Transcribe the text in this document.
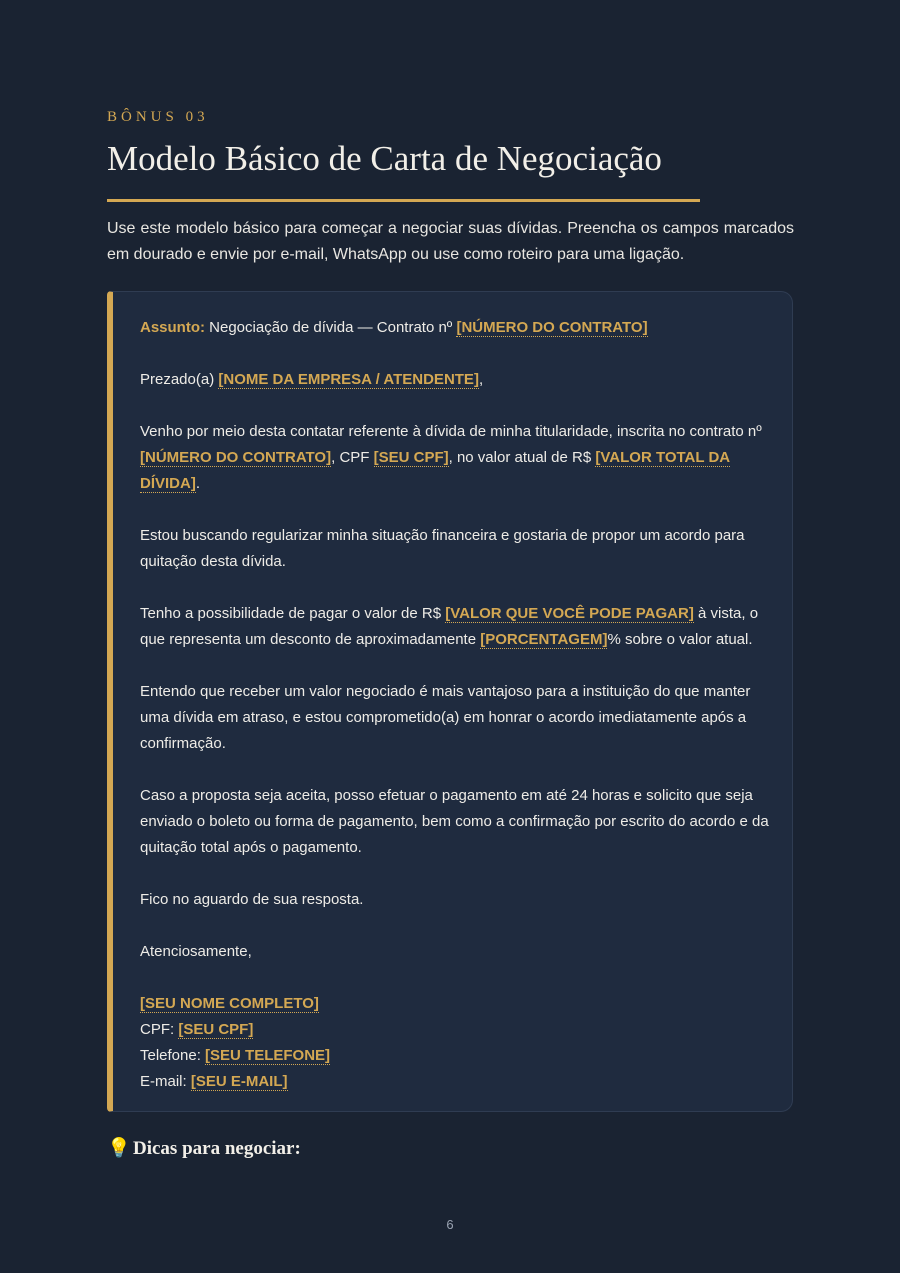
BÔNUS 03
Modelo Básico de Carta de Negociação

Use este modelo básico para começar a negociar suas dívidas. Preencha os campos marcados em dourado e envie por e-mail, WhatsApp ou use como roteiro para uma ligação.

Assunto: Negociação de dívida — Contrato nº [NÚMERO DO CONTRATO]

Prezado(a) [NOME DA EMPRESA / ATENDENTE],

Venho por meio desta contatar referente à dívida de minha titularidade, inscrita no contrato nº [NÚMERO DO CONTRATO], CPF [SEU CPF], no valor atual de R$ [VALOR TOTAL DA DÍVIDA].

Estou buscando regularizar minha situação financeira e gostaria de propor um acordo para quitação desta dívida.

Tenho a possibilidade de pagar o valor de R$ [VALOR QUE VOCÊ PODE PAGAR] à vista, o que representa um desconto de aproximadamente [PORCENTAGEM]% sobre o valor atual.

Entendo que receber um valor negociado é mais vantajoso para a instituição do que manter uma dívida em atraso, e estou comprometido(a) em honrar o acordo imediatamente após a confirmação.

Caso a proposta seja aceita, posso efetuar o pagamento em até 24 horas e solicito que seja enviado o boleto ou forma de pagamento, bem como a confirmação por escrito do acordo e da quitação total após o pagamento.

Fico no aguardo de sua resposta.

Atenciosamente,

[SEU NOME COMPLETO]
CPF: [SEU CPF]
Telefone: [SEU TELEFONE]
E-mail: [SEU E-MAIL]

💡 Dicas para negociar:
6
